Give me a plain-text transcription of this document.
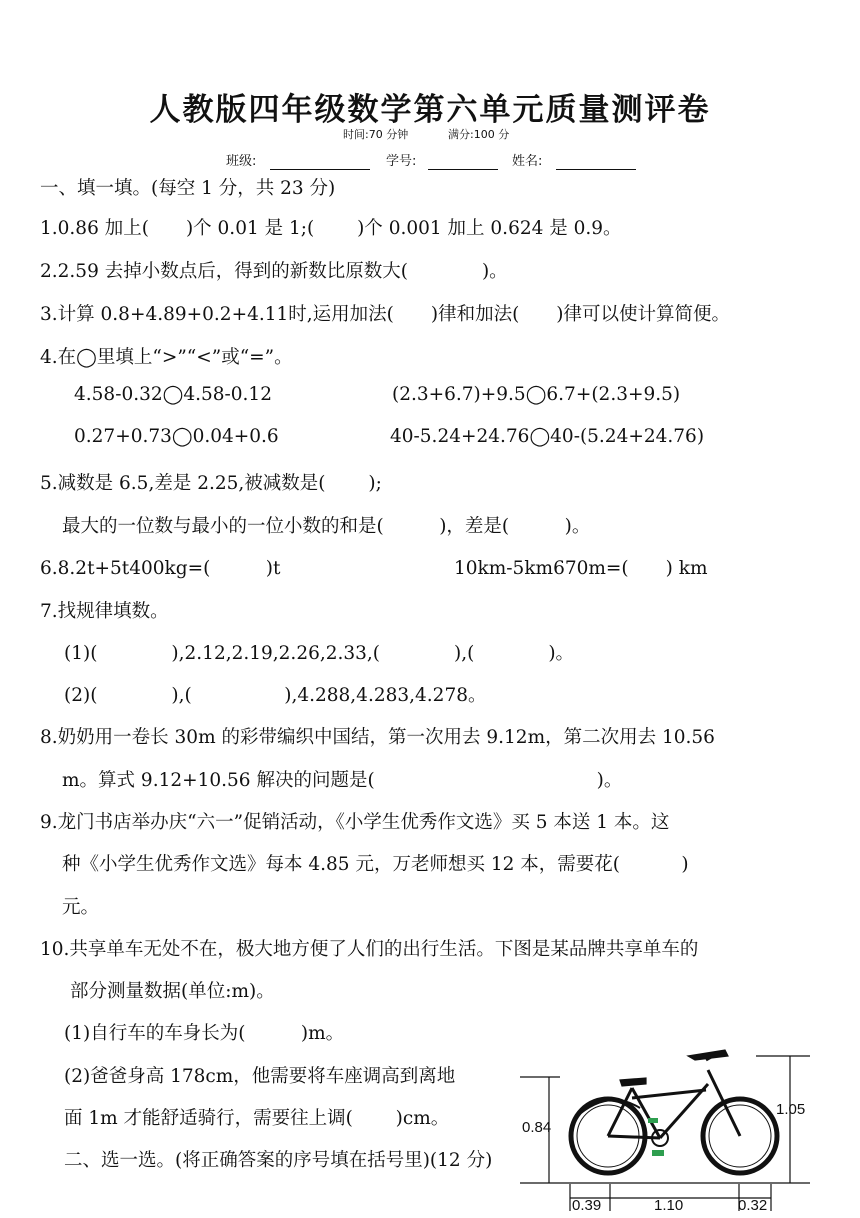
人教版四年级数学第六单元质量测评卷
时间:70 分钟	满分:100 分
班级:	学号:	姓名:
一、填一填。(每空 1 分，共 23 分)
1.0.86 加上(　　)个 0.01 是 1;(　　 )个 0.001 加上 0.624 是 0.9。
2.2.59 去掉小数点后，得到的新数比原数大(　　　　)。
3.计算 0.8+4.89+0.2+4.11时,运用加法(　　)律和加法(　　)律可以使计算简便。
4.在◯里填上“>”“<”或“=”。
4.58-0.32◯4.58-0.12	(2.3+6.7)+9.5◯6.7+(2.3+9.5)
0.27+0.73◯0.04+0.6	40-5.24+24.76◯40-(5.24+24.76)
5.减数是 6.5,差是 2.25,被减数是(　　 );
最大的一位数与最小的一位小数的和是(　　　)，差是(　　　)。
6.8.2t+5t400kg=(　　　)t	10km-5km670m=(　　) km
7.找规律填数。
(1)(　　　　),2.12,2.19,2.26,2.33,(　　　　),(　　　　)。
(2)(　　　　),(　　　　　),4.288,4.283,4.278。
8.奶奶用一卷长 30m 的彩带编织中国结，第一次用去 9.12m，第二次用去 10.56
m。算式 9.12+10.56 解决的问题是(　　　　　　　　　　　　)。
9.龙门书店举办庆“六一”促销活动，《小学生优秀作文选》买 5 本送 1 本。这
种《小学生优秀作文选》每本 4.85 元，万老师想买 12 本，需要花(　　　 )
元。
10.共享单车无处不在，极大地方便了人们的出行生活。下图是某品牌共享单车的
部分测量数据(单位:m)。
(1)自行车的车身长为(　　　)m。
(2)爸爸身高 178cm，他需要将车座调高到离地
面 1m 才能舒适骑行，需要往上调(　　 )cm。
二、选一选。(将正确答案的序号填在括号里)(12 分)
0.84
1.05
0.39	1.10	0.32
